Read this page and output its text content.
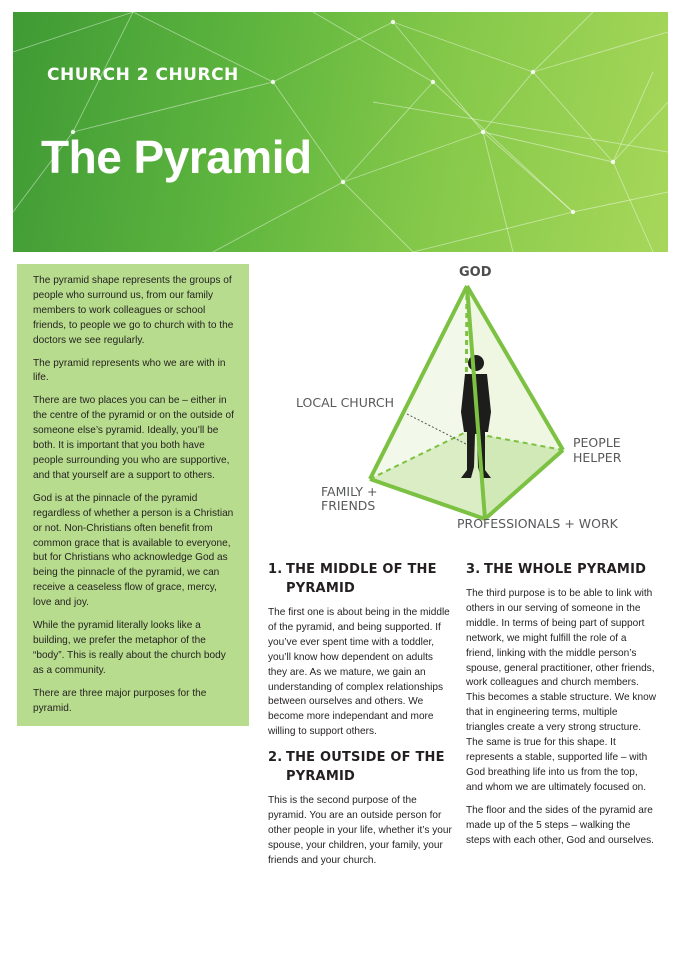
CHURCH 2 CHURCH
The Pyramid

The pyramid shape represents the groups of people who surround us, from our family members to work colleagues or school friends, to people we go to church with to the doctors we see regularly.

The pyramid represents who we are with in life.

There are two places you can be – either in the centre of the pyramid or on the outside of someone else’s pyramid. Ideally, you’ll be both. It is important that you both have people surrounding you who are supportive, and that yourself are a support to others.

God is at the pinnacle of the pyramid regardless of whether a person is a Christian or not. Non-Christians often benefit from common grace that is available to everyone, but for Christians who acknowledge God as being the pinnacle of the pyramid, we can receive a ceaseless flow of grace, mercy, love and joy.

While the pyramid literally looks like a building, we prefer the metaphor of the “body”. This is really about the church body as a community.

There are three major purposes for the pyramid.

GOD
LOCAL CHURCH
PEOPLE
HELPER
FAMILY +
FRIENDS
PROFESSIONALS + WORK
1. THE MIDDLE OF THE
PYRAMID

The first one is about being in the middle of the pyramid, and being supported. If you’ve ever spent time with a toddler, you’ll know how dependent on adults they are. As we mature, we gain an understanding of complex relationships between ourselves and others. We become more independant and more willing to support others.

2. THE OUTSIDE OF THE
PYRAMID

This is the second purpose of the pyramid. You are an outside person for other people in your life, whether it’s your spouse, your children, your family, your friends and your church.

3. THE WHOLE PYRAMID

The third purpose is to be able to link with others in our serving of someone in the middle. In terms of being part of support network, we might fulfill the role of a friend, linking with the middle person’s spouse, general practitioner, other friends, work colleagues and church members. This becomes a stable structure. We know that in engineering terms, multiple triangles create a very strong structure. The same is true for this shape. It represents a stable, supported life – with God breathing life into us from the top, and whom we are ultimately focused on.

The floor and the sides of the pyramid are made up of the 5 steps – walking the steps with each other, God and ourselves.
